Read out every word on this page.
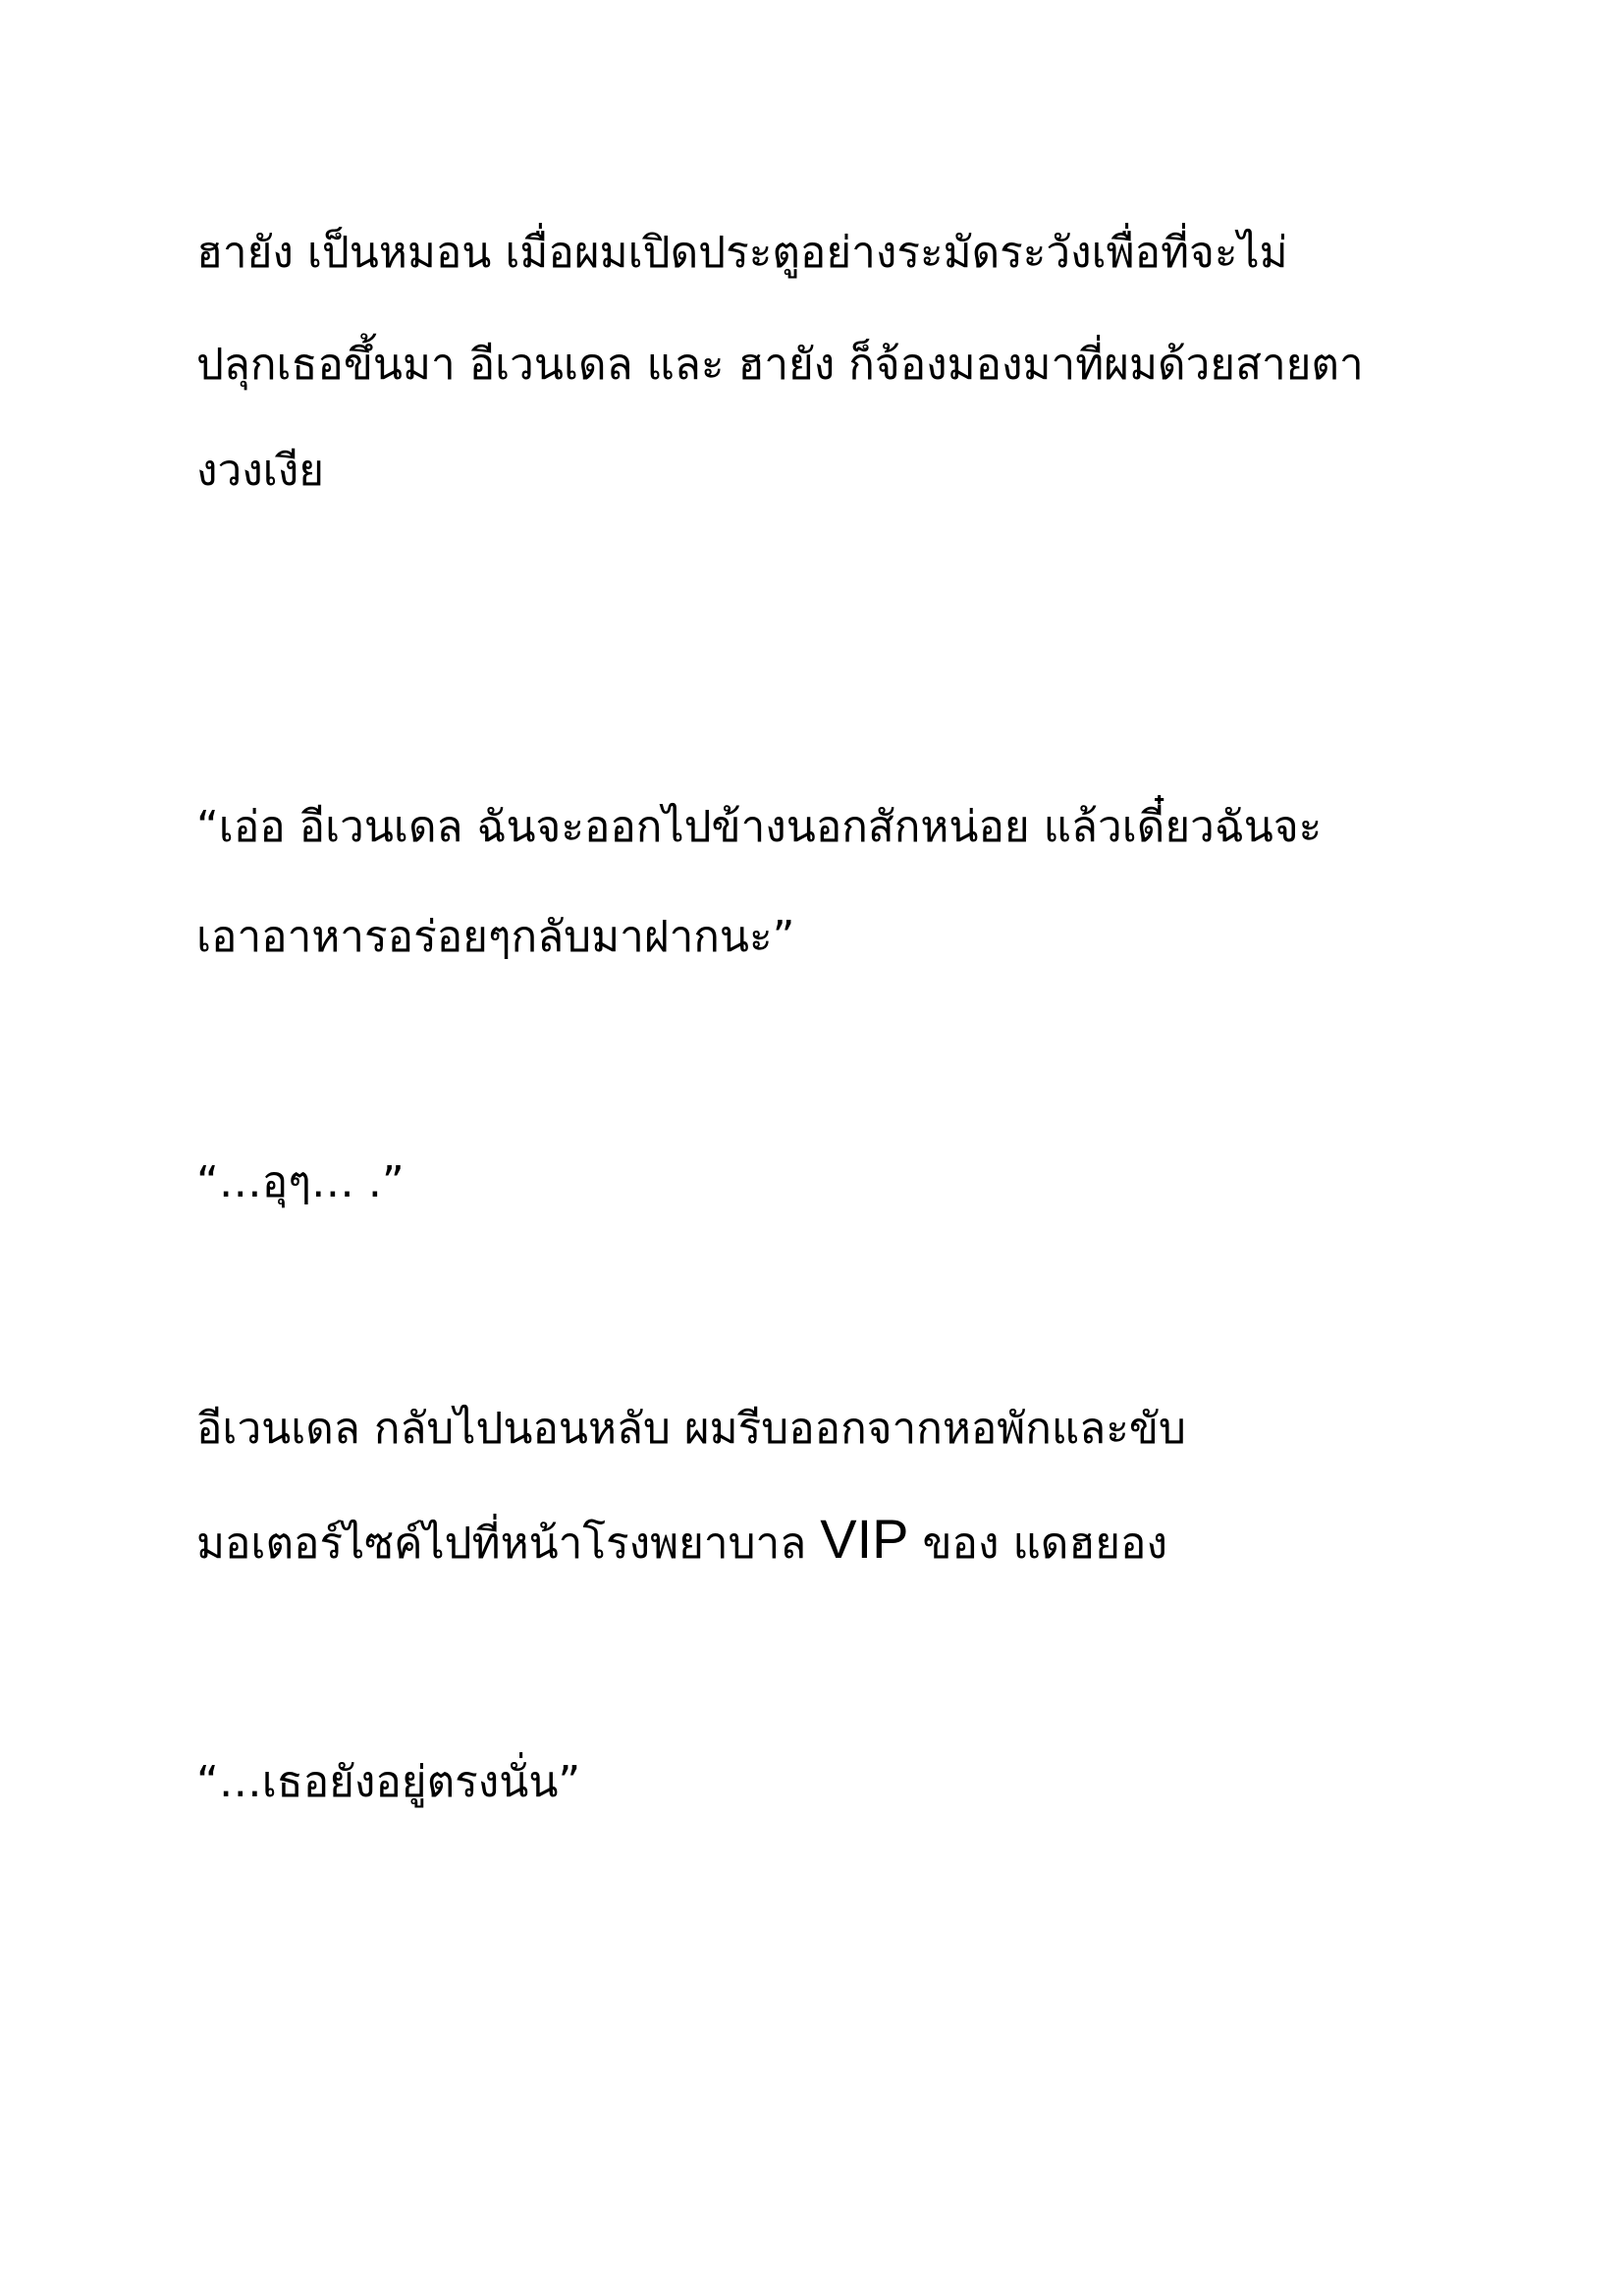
ฮายัง เป็นหมอน เมื่อผมเปิดประตูอย่างระมัดระวังเพื่อที่จะไม่
ปลุกเธอขึ้นมา อีเวนเดล และ ฮายัง ก็จ้องมองมาที่ผมด้วยสายตา
งวงเงีย
“เอ่อ อีเวนเดล ฉันจะออกไปข้างนอกสักหน่อย แล้วเดี๋ยวฉันจะ
เอาอาหารอร่อยๆกลับมาฝากนะ”
“…อุๆ… .”
อีเวนเดล กลับไปนอนหลับ ผมรีบออกจากหอพักและขับ
มอเตอร์ไซค์ไปที่หน้าโรงพยาบาล VIP ของ แดฮยอง
“…เธอยังอยู่ตรงนั่น”
